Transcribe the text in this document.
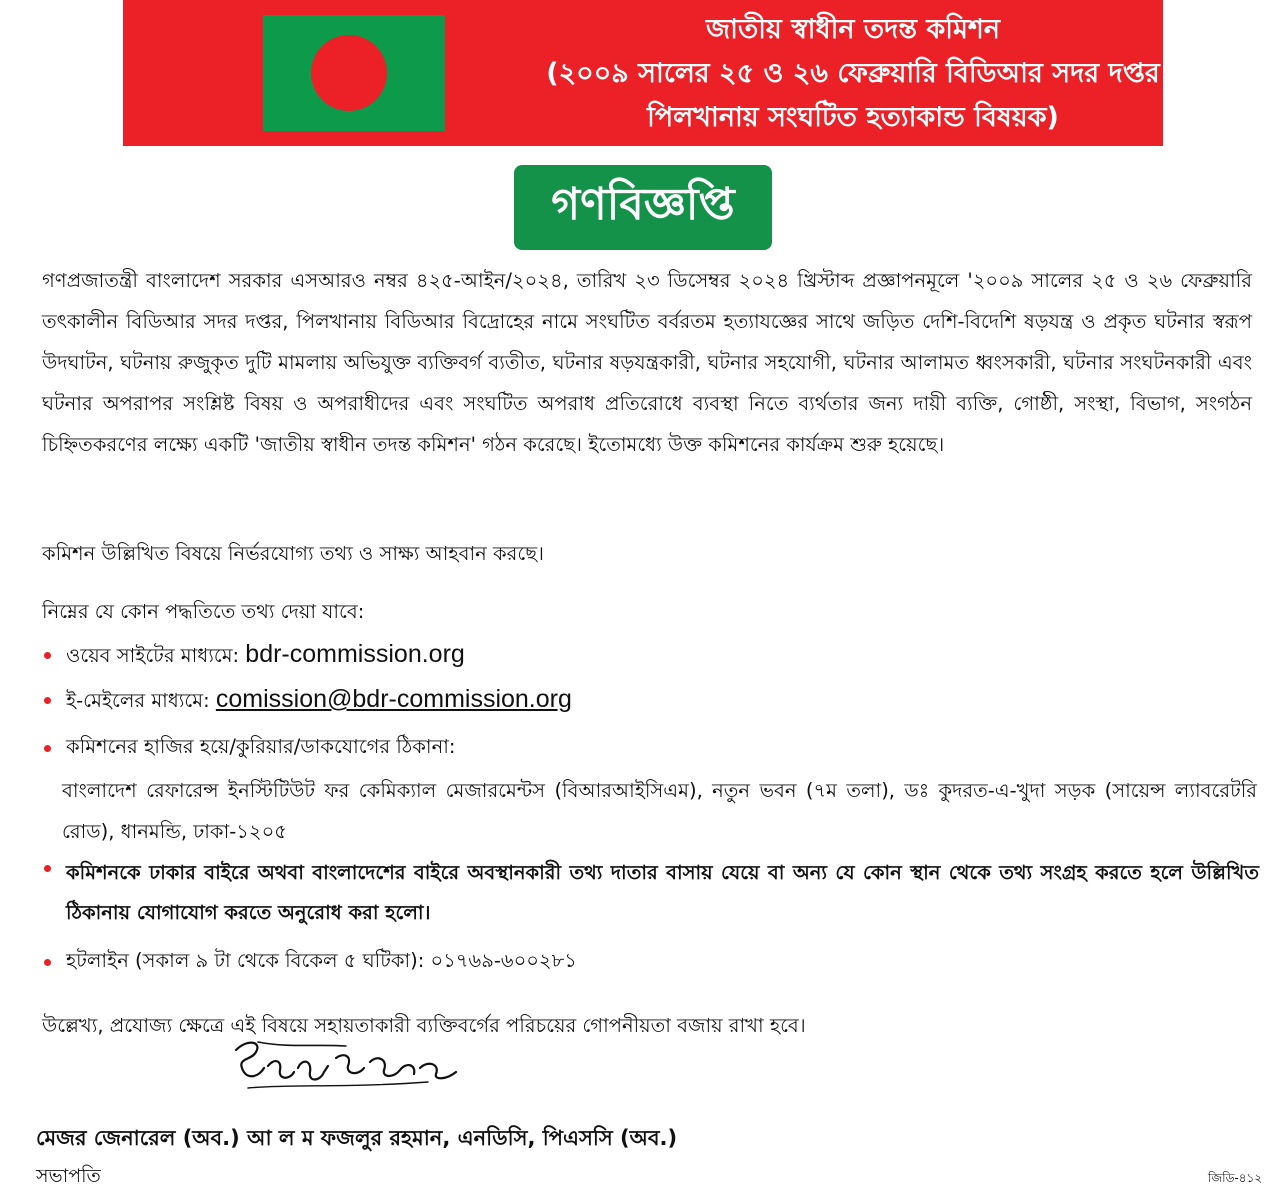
জাতীয় স্বাধীন তদন্ত কমিশন
(২০০৯ সালের ২৫ ও ২৬ ফেব্রুয়ারি বিডিআর সদর দপ্তর
পিলখানায় সংঘটিত হত্যাকান্ড বিষয়ক)
গণবিজ্ঞপ্তি
গণপ্রজাতন্ত্রী বাংলাদেশ সরকার এসআরও নম্বর ৪২৫-আইন/২০২৪, তারিখ ২৩ ডিসেম্বর ২০২৪ খ্রিস্টাব্দ প্রজ্ঞাপনমূলে '২০০৯ সালের ২৫ ও ২৬ ফেব্রুয়ারি তৎকালীন বিডিআর সদর দপ্তর, পিলখানায় বিডিআর বিদ্রোহের নামে সংঘটিত বর্বরতম হত্যাযজ্ঞের সাথে জড়িত দেশি-বিদেশি ষড়যন্ত্র ও প্রকৃত ঘটনার স্বরূপ উদঘাটন, ঘটনায় রুজুকৃত দুটি মামলায় অভিযুক্ত ব্যক্তিবর্গ ব্যতীত, ঘটনার ষড়যন্ত্রকারী, ঘটনার সহযোগী, ঘটনার আলামত ধ্বংসকারী, ঘটনার সংঘটনকারী এবং ঘটনার অপরাপর সংশ্লিষ্ট বিষয় ও অপরাধীদের এবং সংঘটিত অপরাধ প্রতিরোধে ব্যবস্থা নিতে ব্যর্থতার জন্য দায়ী ব্যক্তি, গোষ্ঠী, সংস্থা, বিভাগ, সংগঠন চিহ্নিতকরণের লক্ষ্যে একটি 'জাতীয় স্বাধীন তদন্ত কমিশন' গঠন করেছে। ইতোমধ্যে উক্ত কমিশনের কার্যক্রম শুরু হয়েছে।
কমিশন উল্লিখিত বিষয়ে নির্ভরযোগ্য তথ্য ও সাক্ষ্য আহবান করছে।
নিম্নের যে কোন পদ্ধতিতে তথ্য দেয়া যাবে:
ওয়েব সাইটের মাধ্যমে: bdr-commission.org
ই-মেইলের মাধ্যমে: comission@bdr-commission.org
কমিশনের হাজির হয়ে/কুরিয়ার/ডাকযোগের ঠিকানা:
বাংলাদেশ রেফারেন্স ইনস্টিটিউট ফর কেমিক্যাল মেজারমেন্টস (বিআরআইসিএম), নতুন ভবন (৭ম তলা), ডঃ কুদরত-এ-খুদা সড়ক (সায়েন্স ল্যাবরেটরি রোড), ধানমন্ডি, ঢাকা-১২০৫
কমিশনকে ঢাকার বাইরে অথবা বাংলাদেশের বাইরে অবস্থানকারী তথ্য দাতার বাসায় যেয়ে বা অন্য যে কোন স্থান থেকে তথ্য সংগ্রহ করতে হলে উল্লিখিত ঠিকানায় যোগাযোগ করতে অনুরোধ করা হলো।
হটলাইন (সকাল ৯ টা থেকে বিকেল ৫ ঘটিকা): ০১৭৬৯-৬০০২৮১
উল্লেখ্য, প্রযোজ্য ক্ষেত্রে এই বিষয়ে সহায়তাকারী ব্যক্তিবর্গের পরিচয়ের গোপনীয়তা বজায় রাখা হবে।
মেজর জেনারেল (অব.) আ ল ম ফজলুর রহমান, এনডিসি, পিএসসি (অব.)
সভাপতি	জিডি-৪১২
